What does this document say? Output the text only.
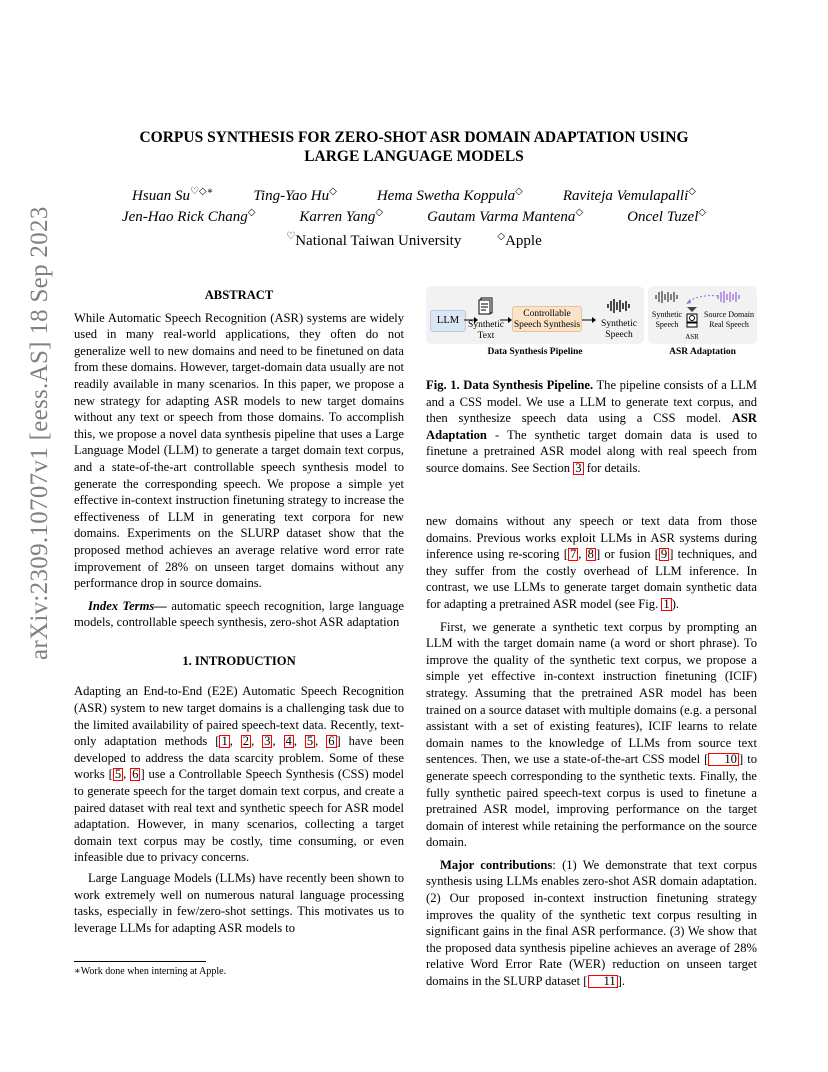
arXiv:2309.10707v1 [eess.AS] 18 Sep 2023
CORPUS SYNTHESIS FOR ZERO-SHOT ASR DOMAIN ADAPTATION USING
LARGE LANGUAGE MODELS
Hsuan Su♡◇∗	Ting-Yao Hu◇	Hema Swetha Koppula◇	Raviteja Vemulapalli◇
Jen-Hao Rick Chang◇	Karren Yang◇	Gautam Varma Mantena◇	Oncel Tuzel◇
♡National Taiwan University	◇Apple
ABSTRACT

While Automatic Speech Recognition (ASR) systems are widely used in many real-world applications, they often do not generalize well to new domains and need to be finetuned on data from these domains. However, target-domain data usually are not readily available in many scenarios. In this paper, we propose a new strategy for adapting ASR models to new target domains without any text or speech from those domains. To accomplish this, we propose a novel data synthesis pipeline that uses a Large Language Model (LLM) to generate a target domain text corpus, and a state-of-the-art controllable speech synthesis model to generate the corresponding speech. We propose a simple yet effective in-context instruction finetuning strategy to increase the effectiveness of LLM in generating text corpora for new domains. Experiments on the SLURP dataset show that the proposed method achieves an average relative word error rate improvement of 28% on unseen target domains without any performance drop in source domains.

Index Terms— automatic speech recognition, large language models, controllable speech synthesis, zero-shot ASR adaptation

1. INTRODUCTION

Adapting an End-to-End (E2E) Automatic Speech Recognition (ASR) system to new target domains is a challenging task due to the limited availability of paired speech-text data. Recently, text-only adaptation methods [ 1 , 2 , 3 , 4 , 5 , 6 ] have been developed to address the data scarcity problem. Some of these works [ 5 , 6 ] use a Controllable Speech Synthesis (CSS) model to generate speech for the target domain text corpus, and create a paired dataset with real text and synthetic speech for ASR model adaptation. However, in many scenarios, collecting a target domain text corpus may be costly, time consuming, or even infeasible due to privacy concerns.

Large Language Models (LLMs) have recently been shown to work extremely well on numerous natural language processing tasks, especially in few/zero-shot settings. This motivates us to leverage LLMs for adapting ASR models to

∗Work done when interning at Apple.
LLM Synthetic Text
Controllable Speech Synthesis	Synthetic Speech
Data Synthesis Pipeline
Synthetic Speech
Source Domain Real Speech
ASR
ASR Adaptation

Fig. 1. Data Synthesis Pipeline. The pipeline consists of a LLM and a CSS model. We use a LLM to generate text corpus, and then synthesize speech data using a CSS model. ASR Adaptation - The synthetic target domain data is used to finetune a pretrained ASR model along with real speech from source domains. See Section 3 for details.

new domains without any speech or text data from those domains. Previous works exploit LLMs in ASR systems during inference using re-scoring [ 7 , 8 ] or fusion [ 9 ] techniques, and they suffer from the costly overhead of LLM inference. In contrast, we use LLMs to generate target domain synthetic data for adapting a pretrained ASR model (see Fig. 1 ).

First, we generate a synthetic text corpus by prompting an LLM with the target domain name (a word or short phrase). To improve the quality of the synthetic text corpus, we propose a simple yet effective in-context instruction finetuning (ICIF) strategy. Assuming that the pretrained ASR model has been trained on a source dataset with multiple domains (e.g. a personal assistant with a set of existing features), ICIF learns to relate domain names to the knowledge of LLMs from source text sentences. Then, we use a state-of-the-art CSS model [ 10 ] to generate speech corresponding to the synthetic texts. Finally, the fully synthetic paired speech-text corpus is used to finetune a pretrained ASR model, improving performance on the target domain of interest while retaining the performance on the source domain.

Major contributions: (1) We demonstrate that text corpus synthesis using LLMs enables zero-shot ASR domain adaptation. (2) Our proposed in-context instruction finetuning strategy improves the quality of the synthetic text corpus resulting in significant gains in the final ASR performance. (3) We show that the proposed data synthesis pipeline achieves an average of 28% relative Word Error Rate (WER) reduction on unseen target domains in the SLURP dataset [ 11 ].
